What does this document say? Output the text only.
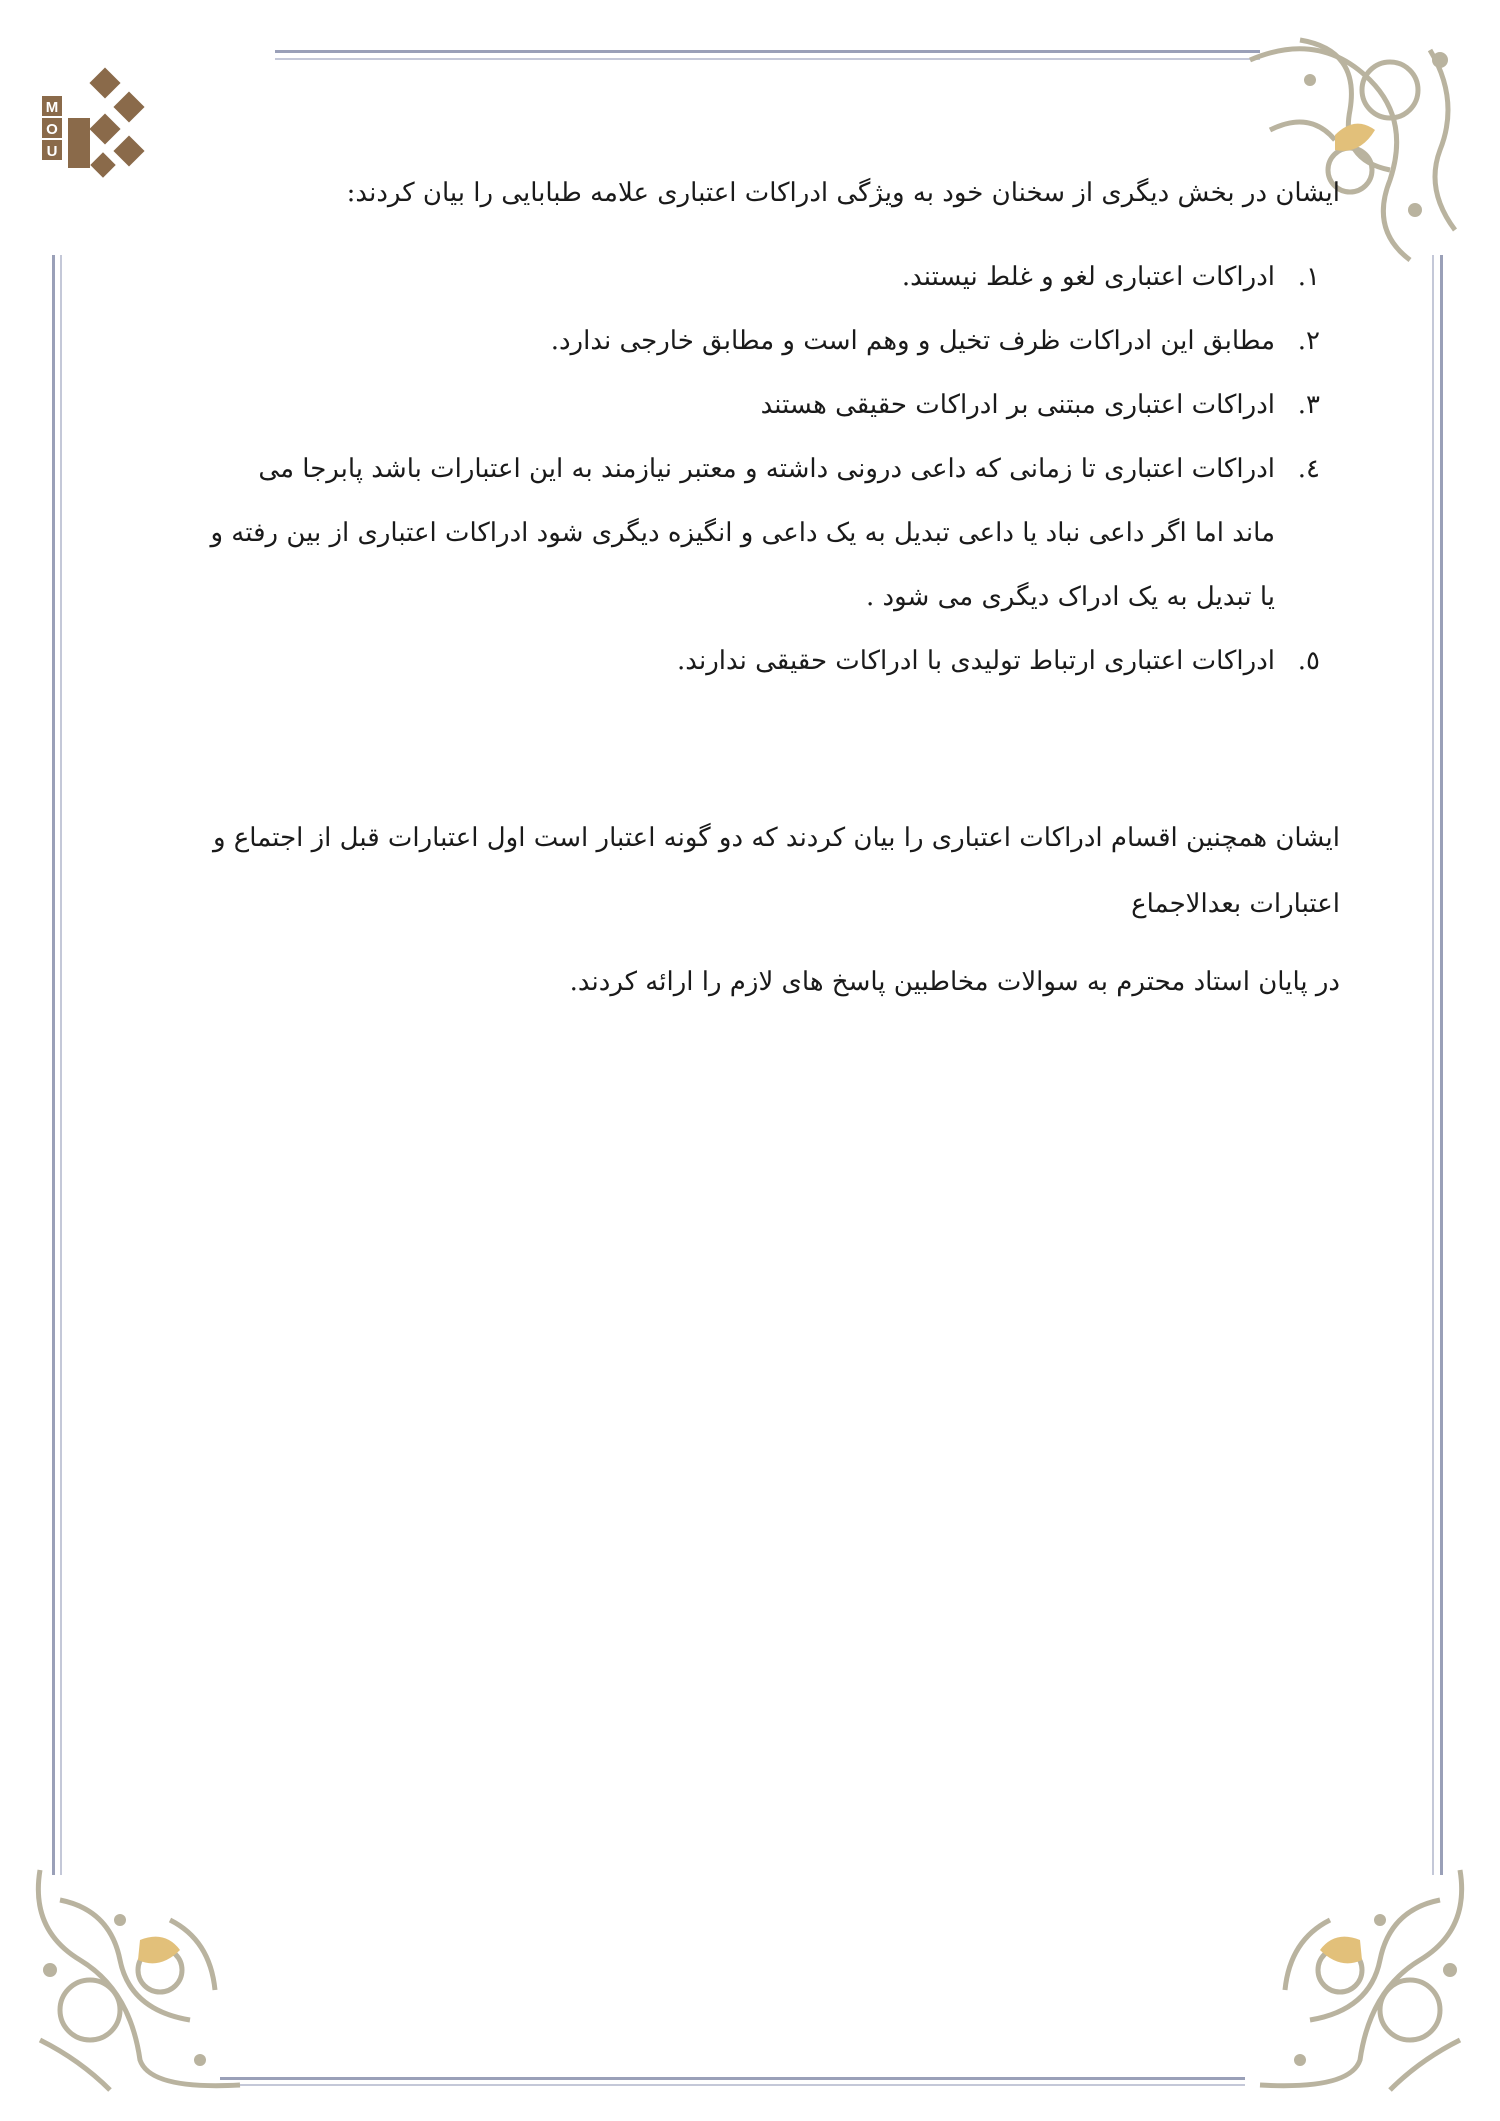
M
O
U
ایشان در بخش دیگری از سخنان خود به ویژگی ادراکات اعتباری علامه طبابایی را بیان کردند:
۱.
ادراکات اعتباری لغو و غلط نیستند.
۲.
مطابق این ادراکات ظرف تخیل و وهم است و مطابق خارجی ندارد.
۳.
ادراکات اعتباری مبتنی بر ادراکات حقیقی هستند
٤.
ادراکات اعتباری تا زمانی که داعی درونی داشته و معتبر نیازمند به این اعتبارات باشد پابرجا می ماند اما اگر داعی نباد یا داعی تبدیل به یک داعی و انگیزه دیگری شود ادراکات اعتباری از بین رفته و یا تبدیل به یک ادراک دیگری می شود .
٥.
ادراکات اعتباری ارتباط تولیدی با ادراکات حقیقی ندارند.
ایشان همچنین اقسام ادراکات اعتباری را بیان کردند که دو گونه اعتبار است اول اعتبارات قبل از اجتماع و اعتبارات بعدالاجماع
در پایان استاد محترم به سوالات مخاطبین پاسخ های لازم را ارائه کردند.
